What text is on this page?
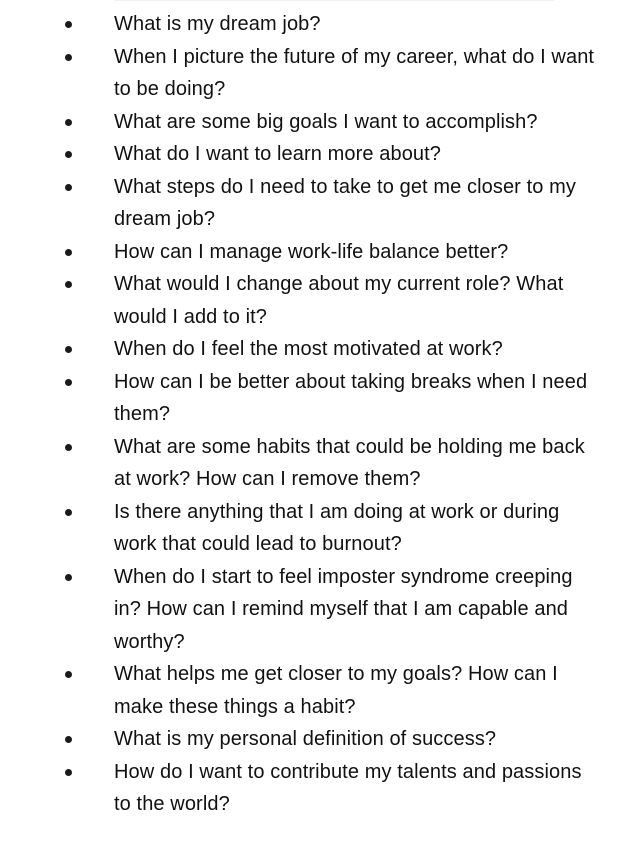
What is my dream job?
When I picture the future of my career, what do I want to be doing?
What are some big goals I want to accomplish?
What do I want to learn more about?
What steps do I need to take to get me closer to my dream job?
How can I manage work-life balance better?
What would I change about my current role? What would I add to it?
When do I feel the most motivated at work?
How can I be better about taking breaks when I need them?
What are some habits that could be holding me back at work? How can I remove them?
Is there anything that I am doing at work or during work that could lead to burnout?
When do I start to feel imposter syndrome creeping in? How can I remind myself that I am capable and worthy?
What helps me get closer to my goals? How can I make these things a habit?
What is my personal definition of success?
How do I want to contribute my talents and passions to the world?
